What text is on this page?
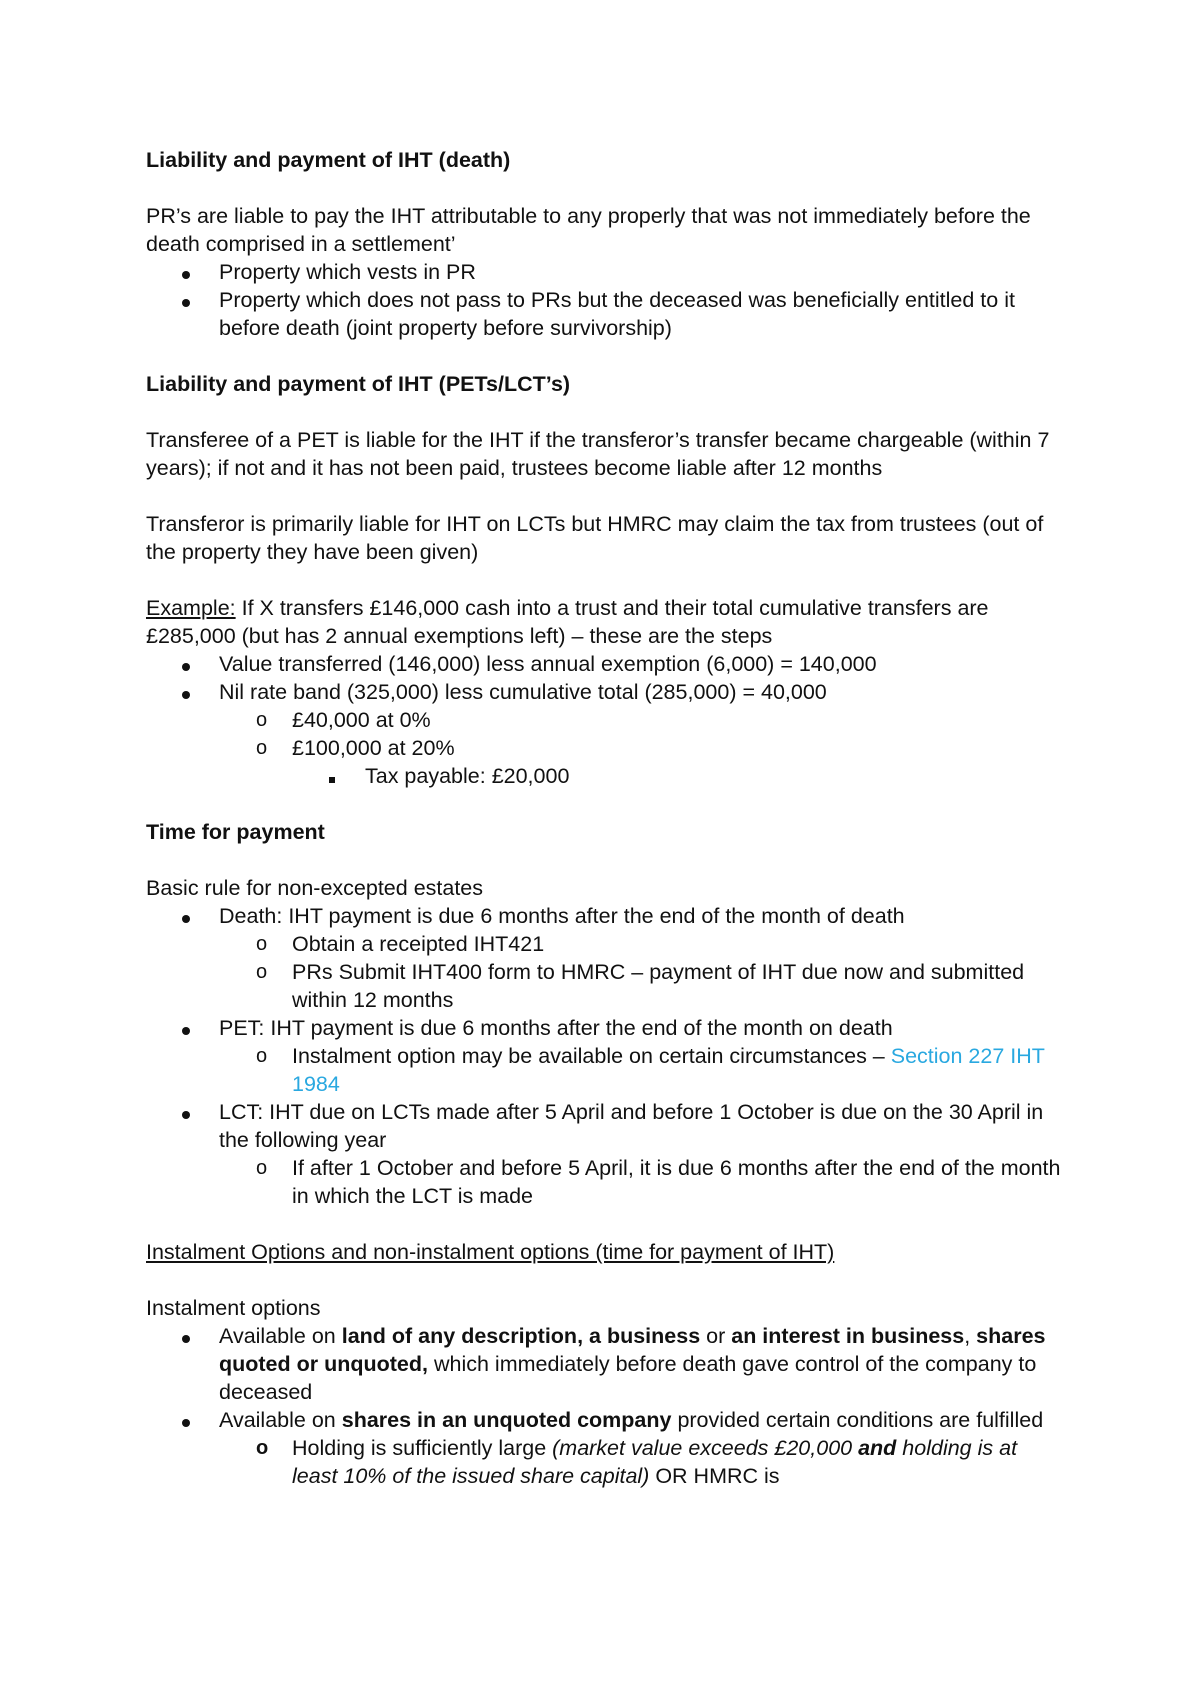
Liability and payment of IHT (death)

PR’s are liable to pay the IHT attributable to any properly that was not immediately before the death comprised in a settlement’

Property which vests in PR
Property which does not pass to PRs but the deceased was beneficially entitled to it before death (joint property before survivorship)

Liability and payment of IHT (PETs/LCT’s)

Transferee of a PET is liable for the IHT if the transferor’s transfer became chargeable (within 7 years); if not and it has not been paid, trustees become liable after 12 months

Transferor is primarily liable for IHT on LCTs but HMRC may claim the tax from trustees (out of the property they have been given)

Example: If X transfers £146,000 cash into a trust and their total cumulative transfers are £285,000 (but has 2 annual exemptions left) – these are the steps

Value transferred (146,000) less annual exemption (6,000) = 140,000
Nil rate band (325,000) less cumulative total (285,000) = 40,000
o £40,000 at 0%
o £100,000 at 20%
Tax payable: £20,000

Time for payment

Basic rule for non-excepted estates

Death: IHT payment is due 6 months after the end of the month of death
o Obtain a receipted IHT421
o PRs Submit IHT400 form to HMRC – payment of IHT due now and submitted within 12 months
PET: IHT payment is due 6 months after the end of the month on death
o Instalment option may be available on certain circumstances – Section 227 IHT 1984
LCT: IHT due on LCTs made after 5 April and before 1 October is due on the 30 April in the following year
o If after 1 October and before 5 April, it is due 6 months after the end of the month in which the LCT is made

Instalment Options and non-instalment options (time for payment of IHT)

Instalment options

Available on land of any description, a business or an interest in business, shares quoted or unquoted, which immediately before death gave control of the company to deceased
Available on shares in an unquoted company provided certain conditions are fulfilled
o Holding is sufficiently large (market value exceeds £20,000 and holding is at least 10% of the issued share capital) OR HMRC is
